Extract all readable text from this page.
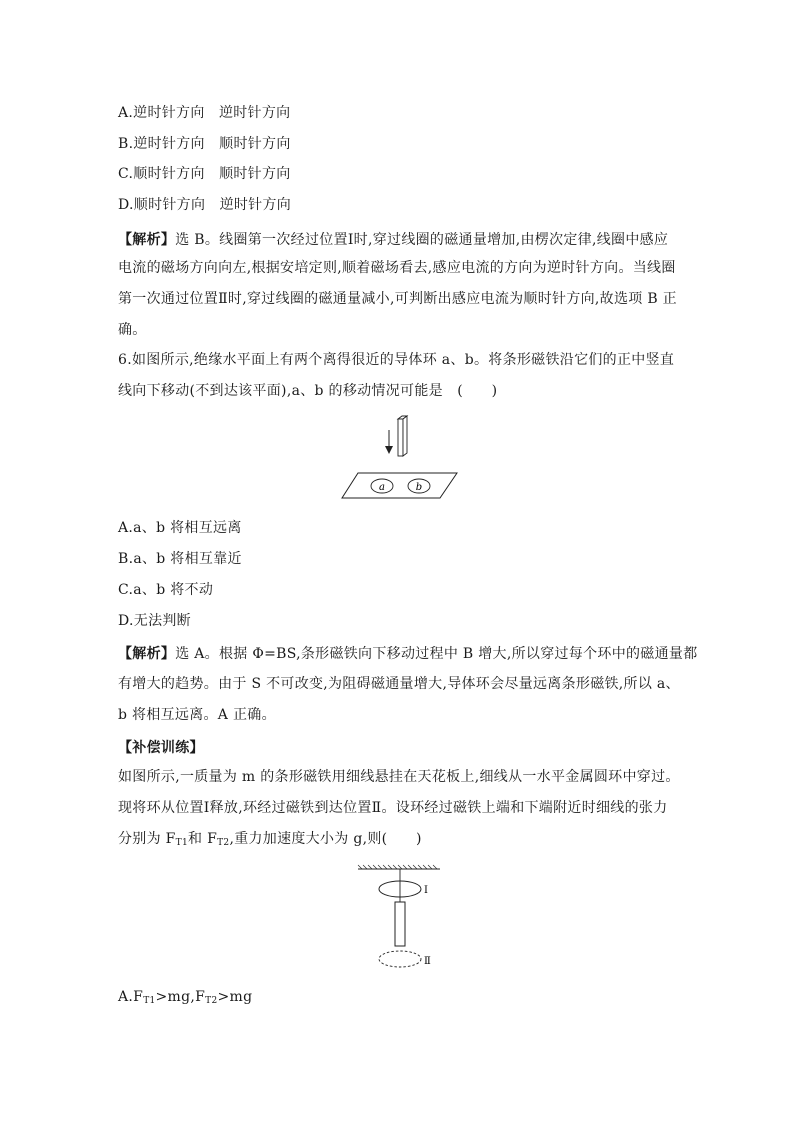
A.逆时针方向　逆时针方向
B.逆时针方向　顺时针方向
C.顺时针方向　顺时针方向
D.顺时针方向　逆时针方向
【解析】选 B。线圈第一次经过位置Ⅰ时,穿过线圈的磁通量增加,由楞次定律,线圈中感应
电流的磁场方向向左,根据安培定则,顺着磁场看去,感应电流的方向为逆时针方向。当线圈
第一次通过位置Ⅱ时,穿过线圈的磁通量减小,可判断出感应电流为顺时针方向,故选项 B 正
确。
6.如图所示,绝缘水平面上有两个离得很近的导体环 a、b。将条形磁铁沿它们的正中竖直
线向下移动(不到达该平面),a、b 的移动情况可能是　(　　)
a	b
A.a、b 将相互远离
B.a、b 将相互靠近
C.a、b 将不动
D.无法判断
【解析】选 A。根据 Φ=BS,条形磁铁向下移动过程中 B 增大,所以穿过每个环中的磁通量都
有增大的趋势。由于 S 不可改变,为阻碍磁通量增大,导体环会尽量远离条形磁铁,所以 a、
b 将相互远离。A 正确。
【补偿训练】
如图所示,一质量为 m 的条形磁铁用细线悬挂在天花板上,细线从一水平金属圆环中穿过。
现将环从位置Ⅰ释放,环经过磁铁到达位置Ⅱ。设环经过磁铁上端和下端附近时细线的张力
分别为 $F_{T1}$和 $F_{T2}$,重力加速度大小为 g,则(　　)
Ⅰ
Ⅱ
$A.F_{T1}>mg,F_{T2}>mg$
